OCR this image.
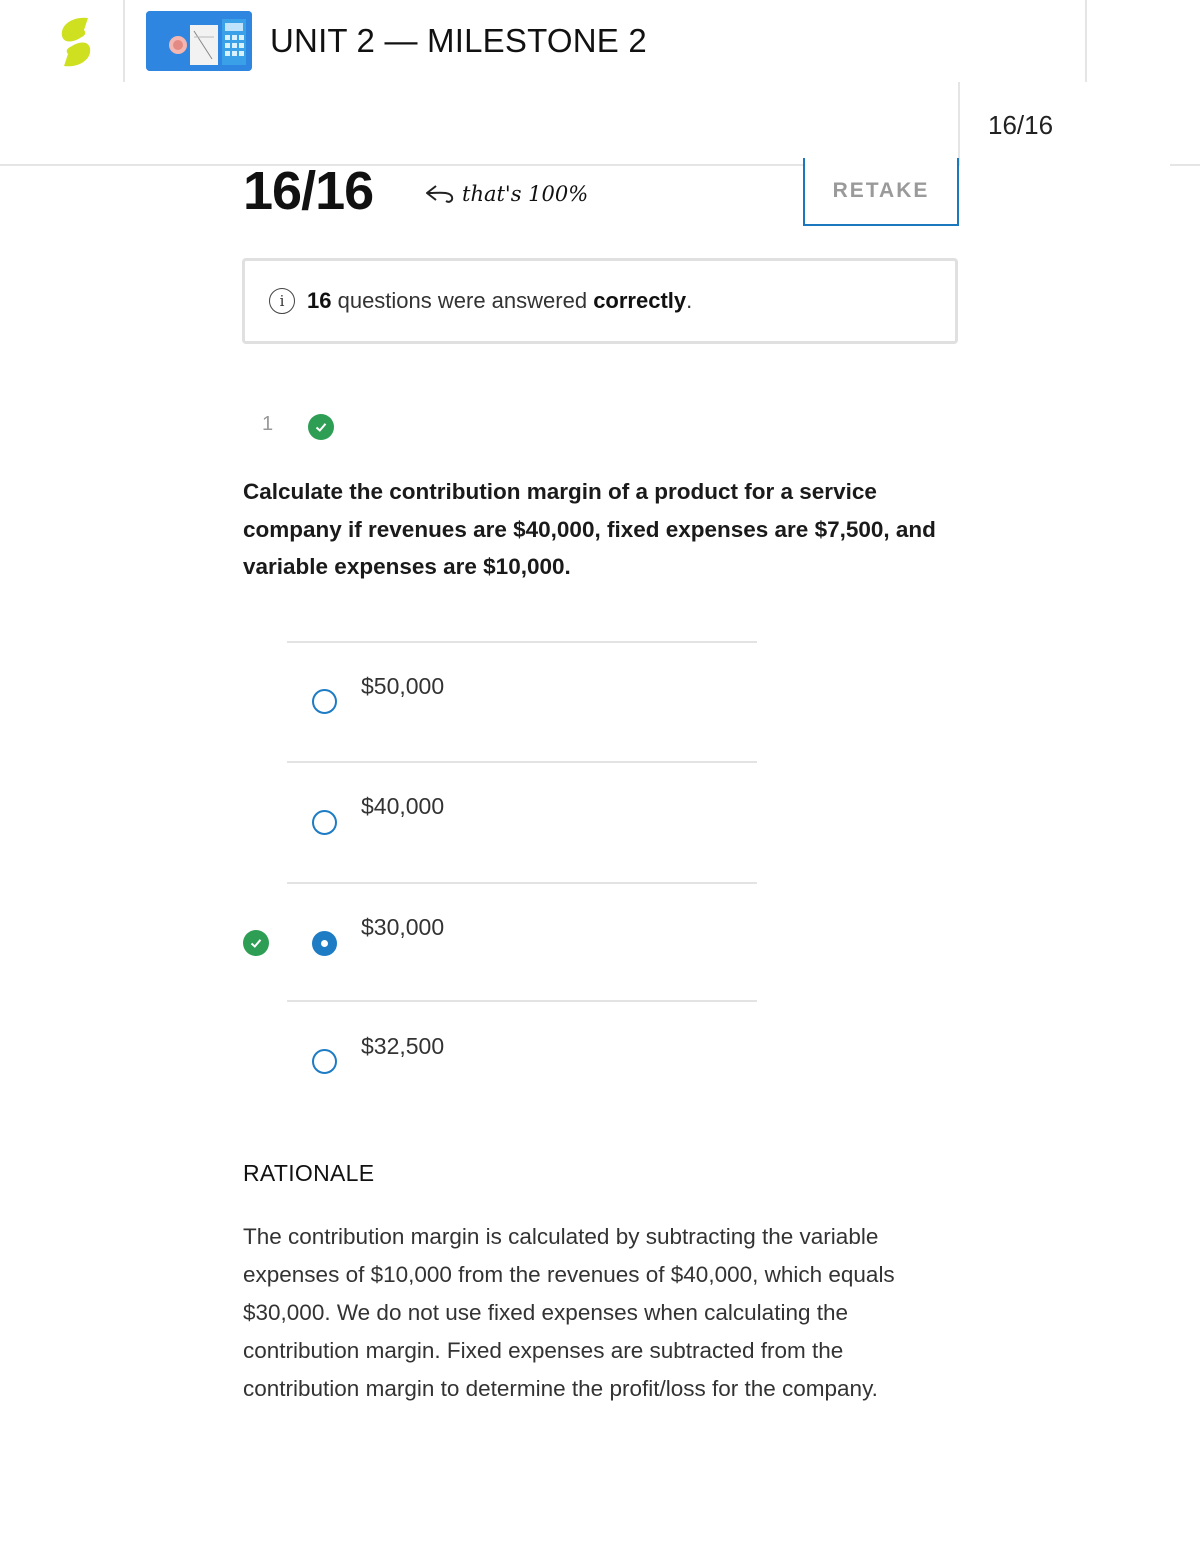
UNIT 2 — MILESTONE 2
16/16
16/16	that's 100%	RETAKE
i	16 questions were answered correctly.
1
Calculate the contribution margin of a product for a service company if revenues are $40,000, fixed expenses are $7,500, and variable expenses are $10,000.
$50,000
$40,000
$30,000
$32,500
RATIONALE
The contribution margin is calculated by subtracting the variable expenses of $10,000 from the revenues of $40,000, which equals $30,000. We do not use fixed expenses when calculating the contribution margin. Fixed expenses are subtracted from the contribution margin to determine the profit/loss for the company.
